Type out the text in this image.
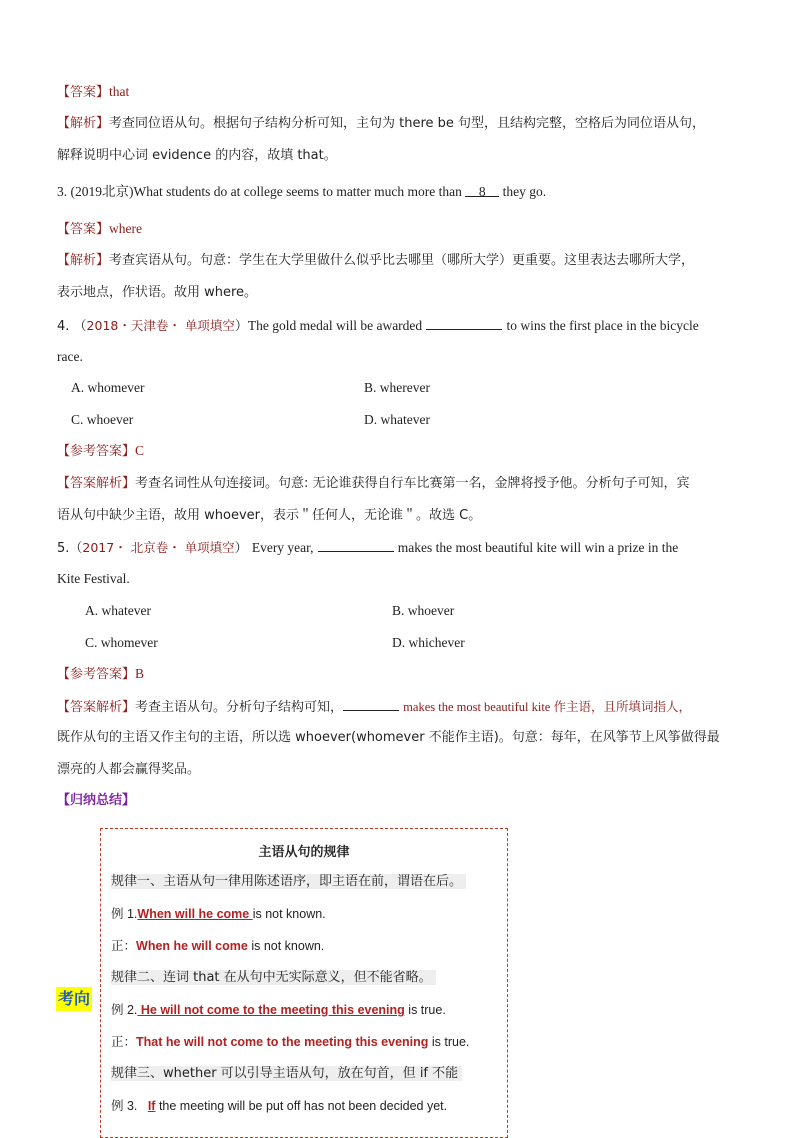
【答案】that
【解析】考查同位语从句。根据句子结构分析可知，主句为 there be 句型，且结构完整，空格后为同位语从句，
解释说明中心词 evidence 的内容，故填 that。
3. (2019北京)What students do at college seems to matter much more than 8 they go.
【答案】where
【解析】考查宾语从句。句意：学生在大学里做什么似乎比去哪里（哪所大学）更重要。这里表达去哪所大学，
表示地点，作状语。故用 where。
4. （2018・天津卷・ 单项填空）The gold medal will be awarded	to wins the first place in the bicycle
race.
A. whomever	B. wherever
C. whoever	D. whatever
【参考答案】C
【答案解析】考查名词性从句连接词。句意: 无论谁获得自行车比赛第一名，金牌将授予他。分析句子可知，宾
语从句中缺少主语，故用 whoever，表示＂任何人，无论谁＂。故选 C。
5.（2017・ 北京卷・ 单项填空） Every year,	makes the most beautiful kite will win a prize in the
Kite Festival.
A. whatever	B. whoever
C. whomever	D. whichever
【参考答案】B
【答案解析】考查主语从句。分析句子结构可知，	makes the most beautiful kite 作主语，且所填词指人，
既作从句的主语又作主句的主语，所以选 whoever(whomever 不能作主语)。句意：每年，在风筝节上风筝做得最
漂亮的人都会赢得奖品。
【归纳总结】
考向
主语从句的规律
规律一、主语从句一律用陈述语序，即主语在前，谓语在后。
例 1.When will he come is not known.
正：When he will come is not known.
规律二、连词 that 在从句中无实际意义，但不能省略。
例 2. He will not come to the meeting this evening is true.
正：That he will not come to the meeting this evening is true.
规律三、whether 可以引导主语从句，放在句首，但 if 不能
例 3. If the meeting will be put off has not been decided yet.
